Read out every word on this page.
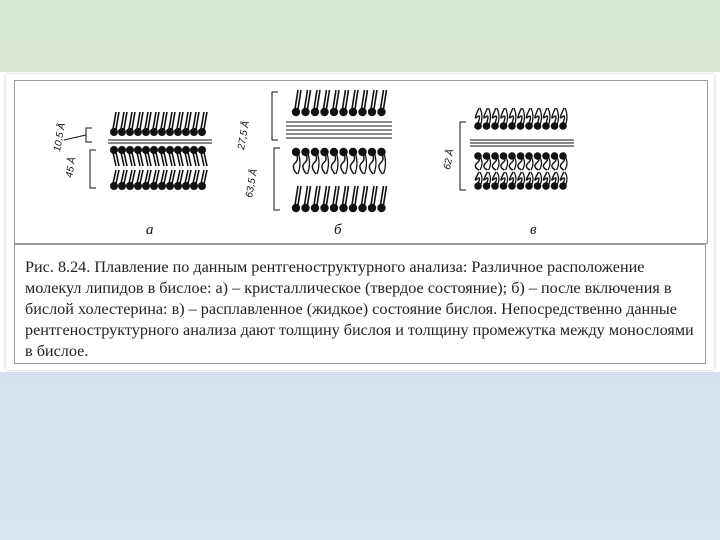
10,5 Å
45 Å
27,5 Å
63,5 Å
62 Å
а	б	в

Рис. 8.24. Плавление по данным рентгеноструктурного анализа: Различное расположение молекул липидов в бислое: а) – кристаллическое (твердое состояние); б) – после включения в бислой холестерина: в) – расплавленное (жидкое) состояние бислоя. Непосредственно данные рентгеноструктурного анализа дают толщину бислоя и толщину промежутка между монослоями в бислое.
